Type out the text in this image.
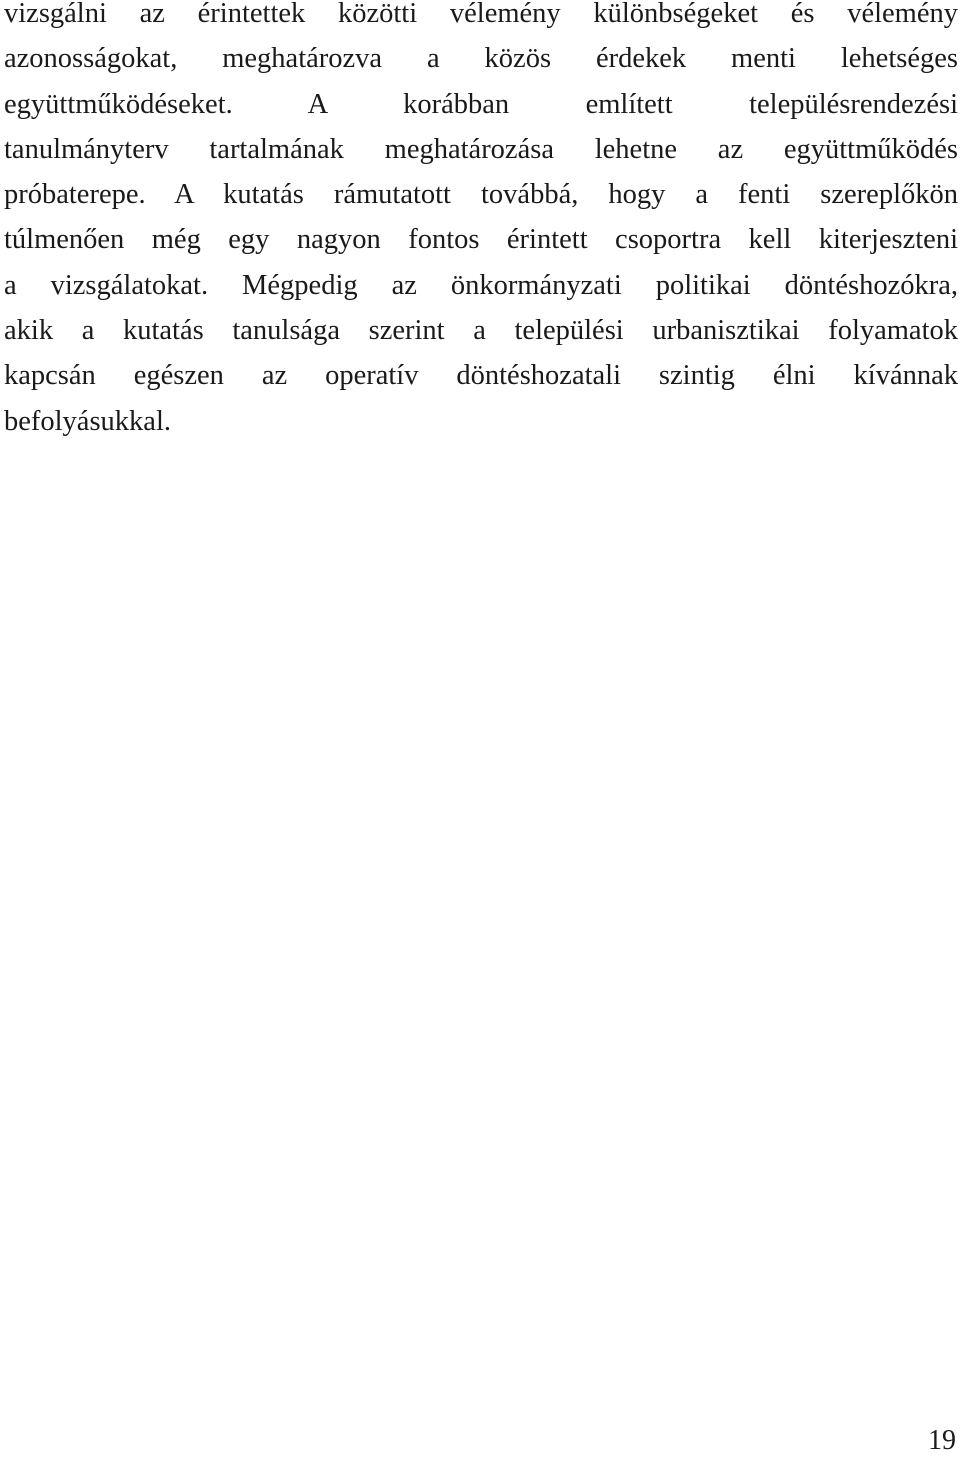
vizsgálni az érintettek közötti vélemény különbségeket és vélemény
azonosságokat, meghatározva a közös érdekek menti lehetséges
együttműködéseket. A korábban említett településrendezési
tanulmányterv tartalmának meghatározása lehetne az együttműködés
próbaterepe. A kutatás rámutatott továbbá, hogy a fenti szereplőkön
túlmenően még egy nagyon fontos érintett csoportra kell kiterjeszteni
a vizsgálatokat. Mégpedig az önkormányzati politikai döntéshozókra,
akik a kutatás tanulsága szerint a települési urbanisztikai folyamatok
kapcsán egészen az operatív döntéshozatali szintig élni kívánnak
befolyásukkal.
19
